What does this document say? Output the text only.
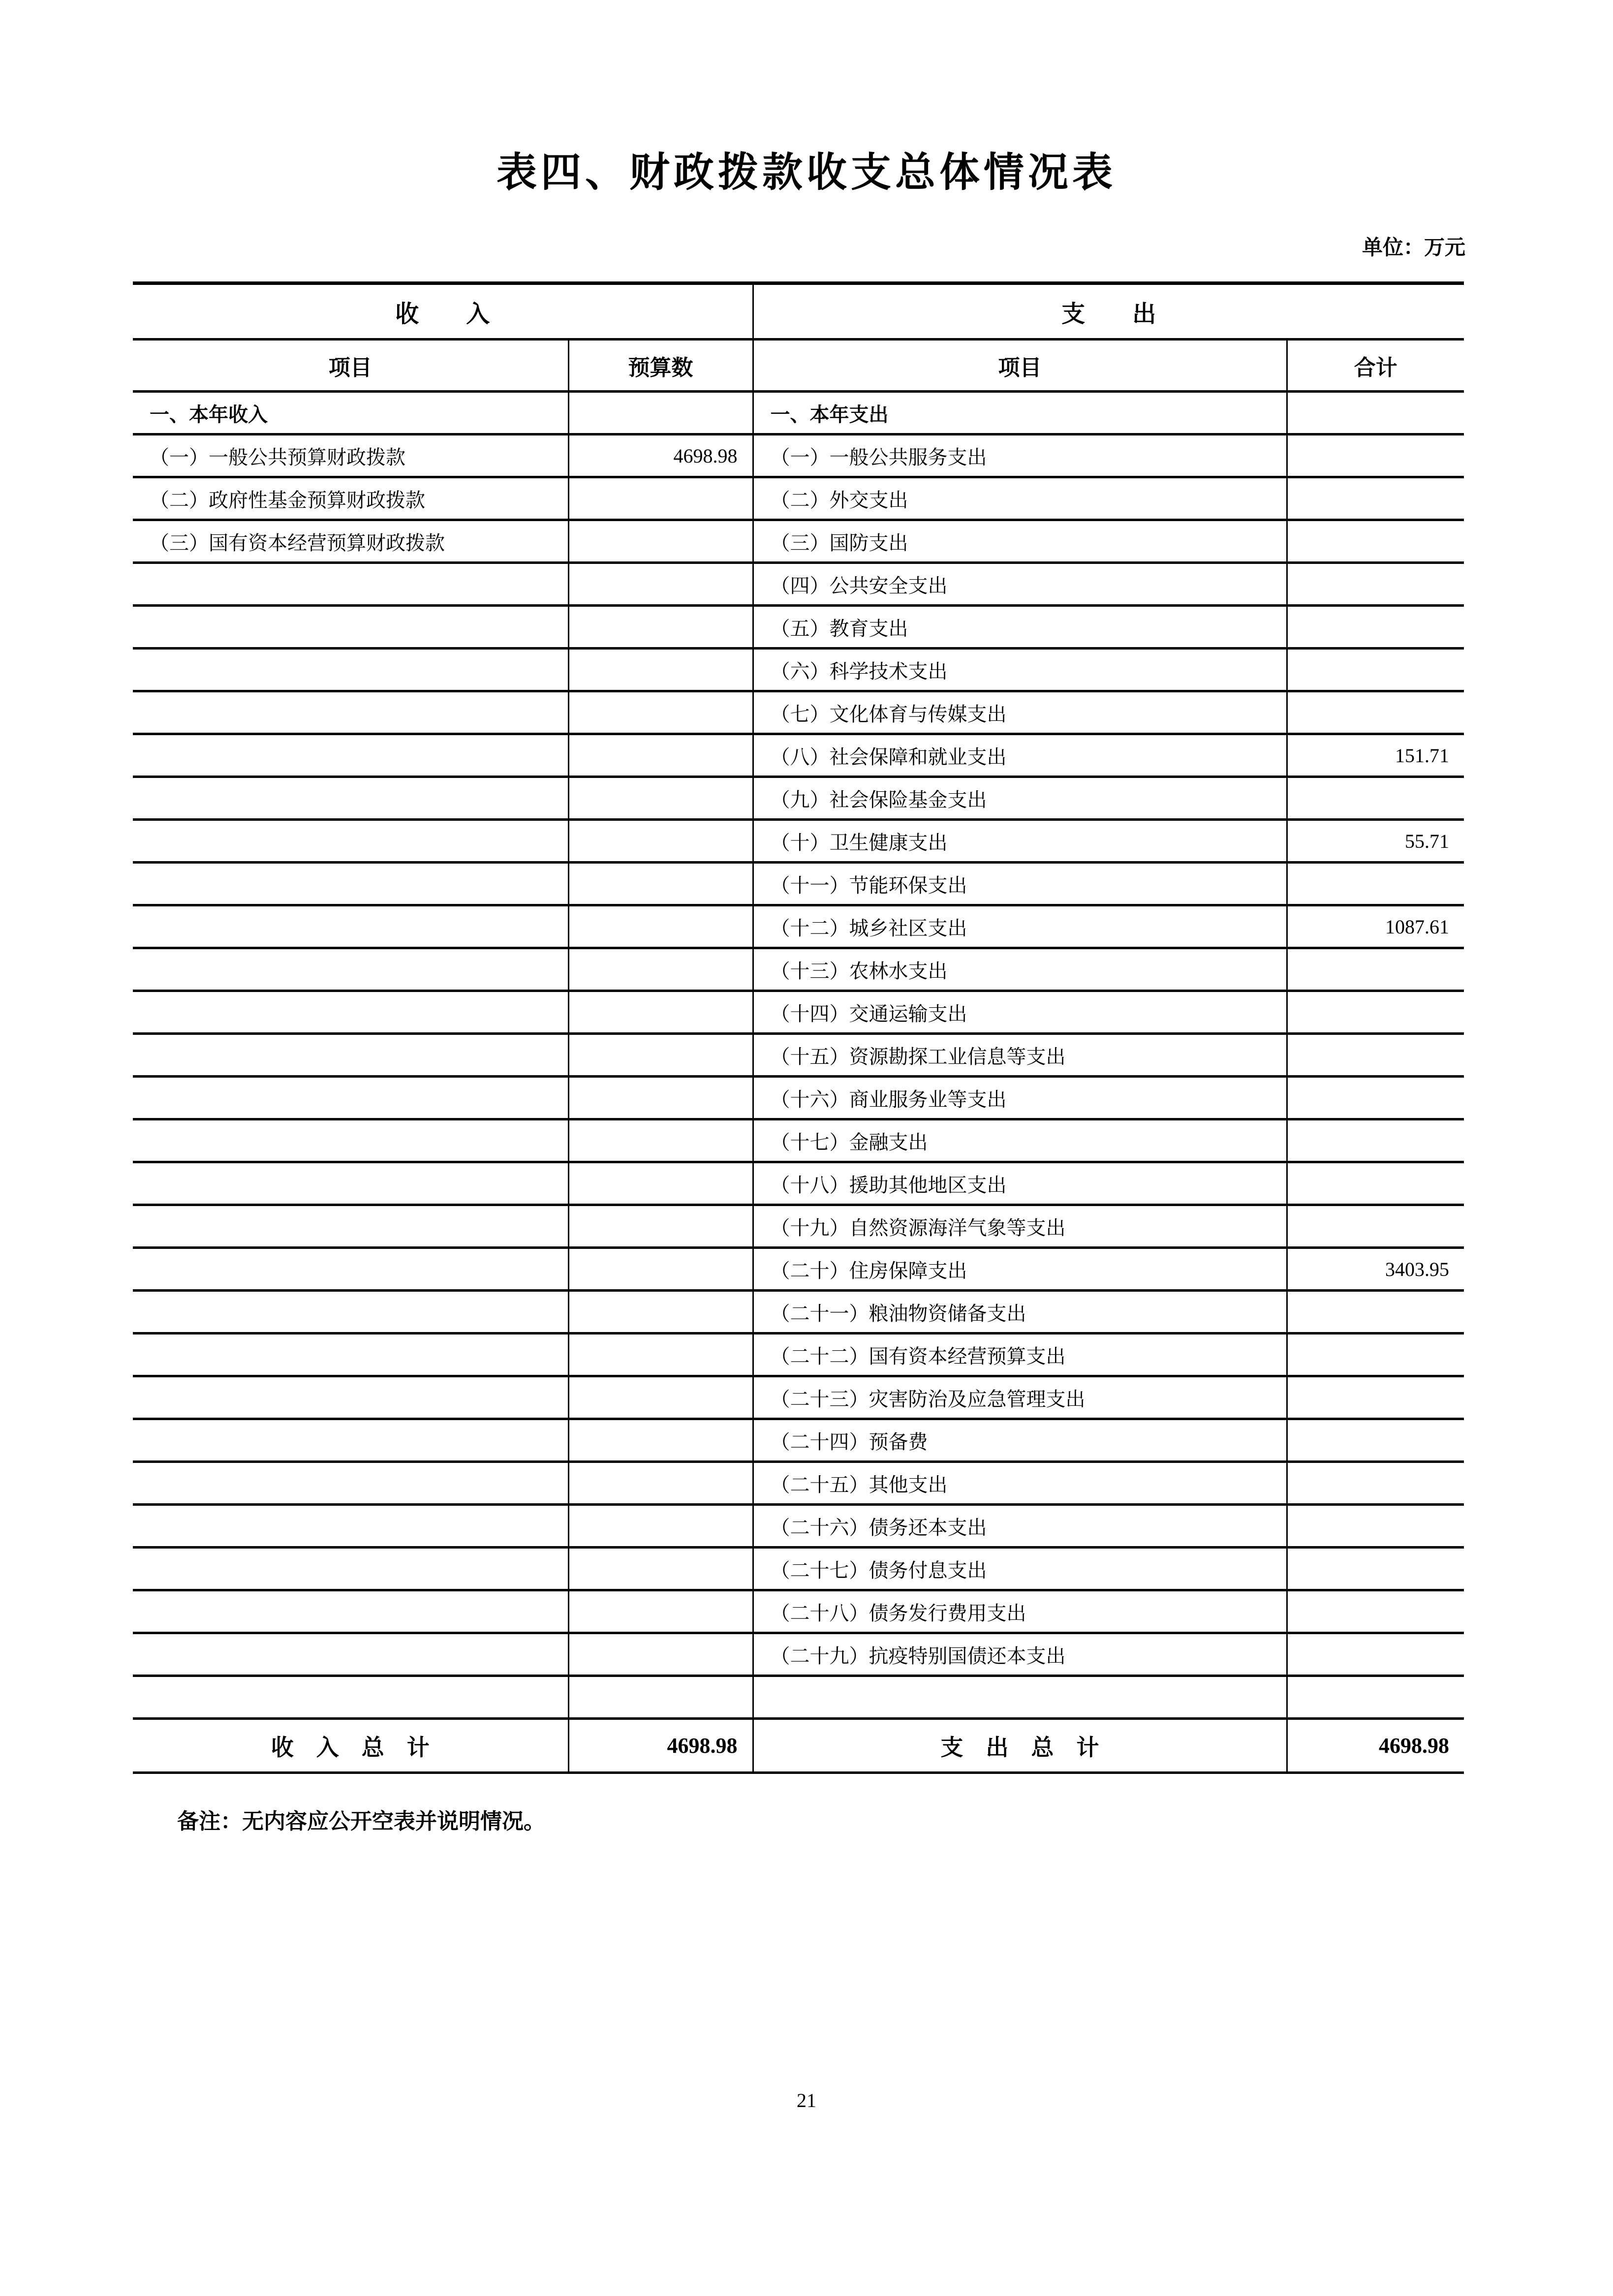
表四、财政拨款收支总体情况表
单位：万元
收　　入		支　　出	
项目	预算数	项目	合计
一、本年收入		一、本年支出	
（一）一般公共预算财政拨款	4698.98	（一）一般公共服务支出	
（二）政府性基金预算财政拨款		（二）外交支出	
（三）国有资本经营预算财政拨款		（三）国防支出	
		（四）公共安全支出	
		（五）教育支出	
		（六）科学技术支出	
		（七）文化体育与传媒支出	
		（八）社会保障和就业支出	151.71
		（九）社会保险基金支出	
		（十）卫生健康支出	55.71
		（十一）节能环保支出	
		（十二）城乡社区支出	1087.61
		（十三）农林水支出	
		（十四）交通运输支出	
		（十五）资源勘探工业信息等支出	
		（十六）商业服务业等支出	
		（十七）金融支出	
		（十八）援助其他地区支出	
		（十九）自然资源海洋气象等支出	
		（二十）住房保障支出	3403.95
		（二十一）粮油物资储备支出	
		（二十二）国有资本经营预算支出	
		（二十三）灾害防治及应急管理支出	
		（二十四）预备费	
		（二十五）其他支出	
		（二十六）债务还本支出	
		（二十七）债务付息支出	
		（二十八）债务发行费用支出	
		（二十九）抗疫特别国债还本支出	

收　入　总　计	4698.98	支　出　总　计	4698.98
备注：无内容应公开空表并说明情况。
21
